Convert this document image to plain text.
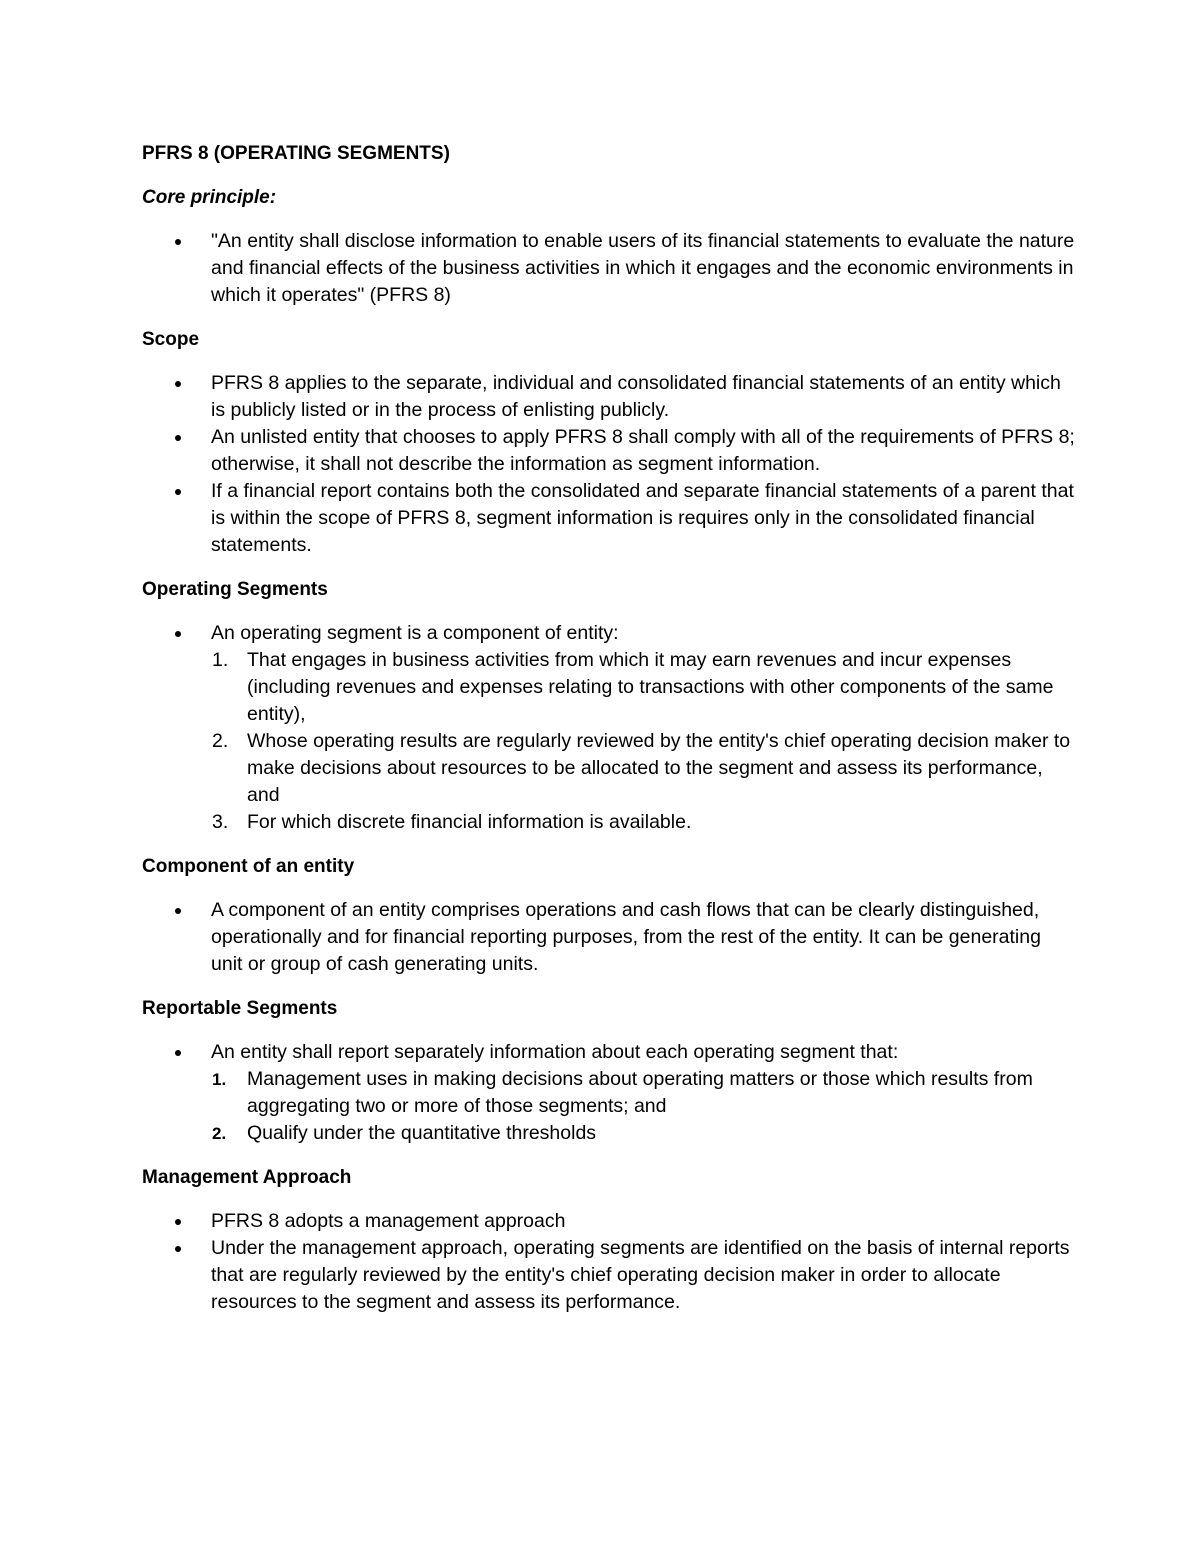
PFRS 8 (OPERATING SEGMENTS)
Core principle:
"An entity shall disclose information to enable users of its financial statements to evaluate the nature and financial effects of the business activities in which it engages and the economic environments in which it operates" (PFRS 8)
Scope
PFRS 8 applies to the separate, individual and consolidated financial statements of an entity which is publicly listed or in the process of enlisting publicly.
An unlisted entity that chooses to apply PFRS 8 shall comply with all of the requirements of PFRS 8; otherwise, it shall not describe the information as segment information.
If a financial report contains both the consolidated and separate financial statements of a parent that is within the scope of PFRS 8, segment information is requires only in the consolidated financial statements.
Operating Segments
An operating segment is a component of entity:
1. That engages in business activities from which it may earn revenues and incur expenses (including revenues and expenses relating to transactions with other components of the same entity),
2. Whose operating results are regularly reviewed by the entity's chief operating decision maker to make decisions about resources to be allocated to the segment and assess its performance, and
3. For which discrete financial information is available.
Component of an entity
A component of an entity comprises operations and cash flows that can be clearly distinguished, operationally and for financial reporting purposes, from the rest of the entity. It can be generating unit or group of cash generating units.
Reportable Segments
An entity shall report separately information about each operating segment that:
1. Management uses in making decisions about operating matters or those which results from aggregating two or more of those segments; and
2. Qualify under the quantitative thresholds
Management Approach
PFRS 8 adopts a management approach
Under the management approach, operating segments are identified on the basis of internal reports that are regularly reviewed by the entity's chief operating decision maker in order to allocate resources to the segment and assess its performance.
